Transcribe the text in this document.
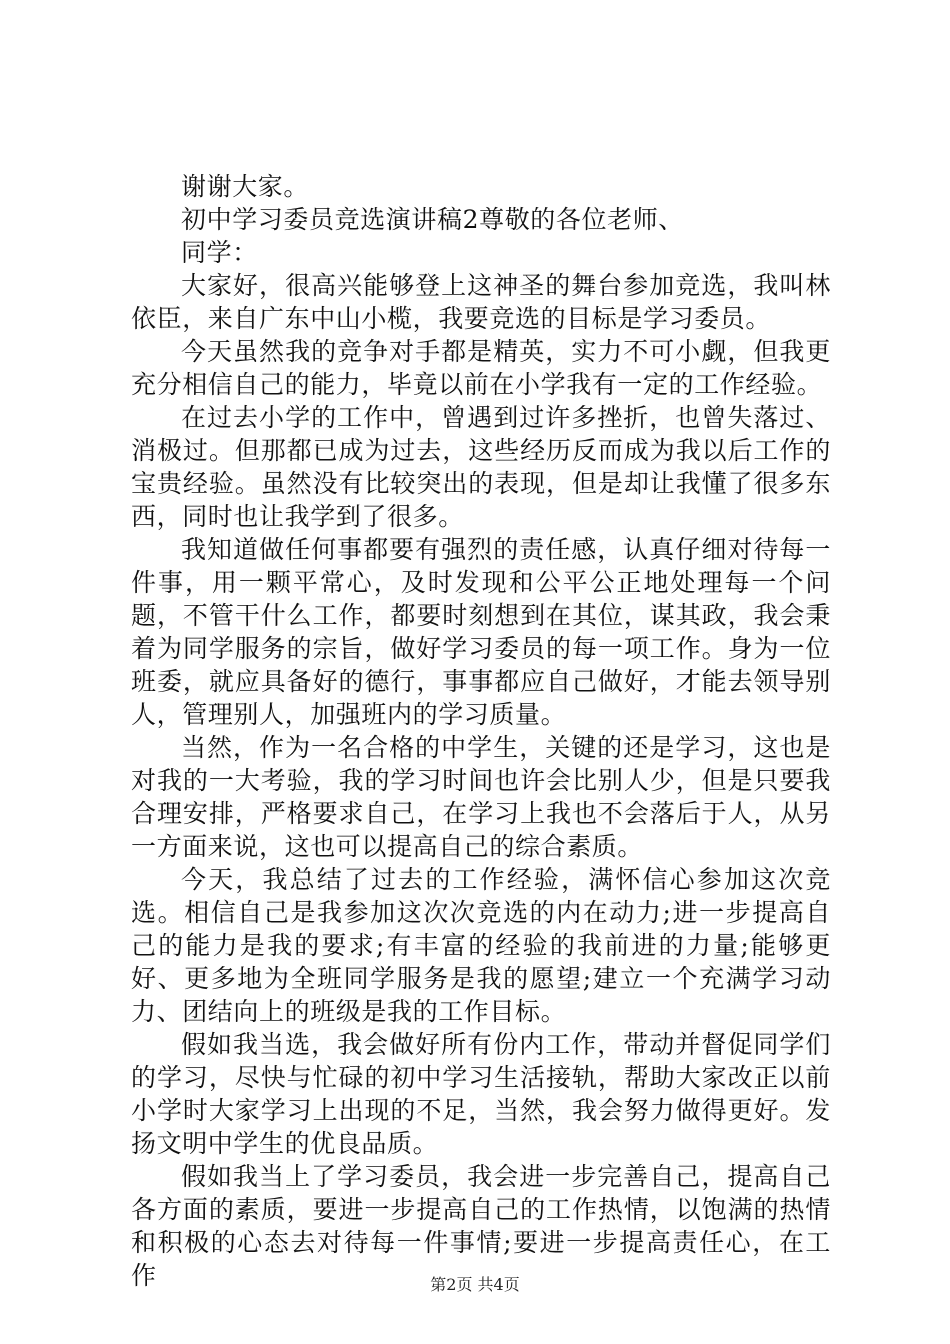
谢谢大家。

初中学习委员竞选演讲稿2尊敬的各位老师、

同学：

大家好，很高兴能够登上这神圣的舞台参加竞选，我叫林依臣，来自广东中山小榄，我要竞选的目标是学习委员。

今天虽然我的竞争对手都是精英，实力不可小觑，但我更充分相信自己的能力，毕竟以前在小学我有一定的工作经验。

在过去小学的工作中，曾遇到过许多挫折，也曾失落过、消极过。但那都已成为过去，这些经历反而成为我以后工作的宝贵经验。虽然没有比较突出的表现，但是却让我懂了很多东西，同时也让我学到了很多。

我知道做任何事都要有强烈的责任感，认真仔细对待每一件事，用一颗平常心，及时发现和公平公正地处理每一个问题，不管干什么工作，都要时刻想到在其位，谋其政，我会秉着为同学服务的宗旨，做好学习委员的每一项工作。身为一位班委，就应具备好的德行，事事都应自己做好，才能去领导别人，管理别人，加强班内的学习质量。

当然，作为一名合格的中学生，关键的还是学习，这也是对我的一大考验，我的学习时间也许会比别人少，但是只要我合理安排，严格要求自己，在学习上我也不会落后于人，从另一方面来说，这也可以提高自己的综合素质。

今天，我总结了过去的工作经验，满怀信心参加这次竞选。相信自己是我参加这次次竞选的内在动力;进一步提高自己的能力是我的要求;有丰富的经验的我前进的力量;能够更好、更多地为全班同学服务是我的愿望;建立一个充满学习动力、团结向上的班级是我的工作目标。

假如我当选，我会做好所有份内工作，带动并督促同学们的学习，尽快与忙碌的初中学习生活接轨，帮助大家改正以前小学时大家学习上出现的不足，当然，我会努力做得更好。发扬文明中学生的优良品质。

假如我当上了学习委员，我会进一步完善自己，提高自己各方面的素质，要进一步提高自己的工作热情，以饱满的热情和积极的心态去对待每一件事情;要进一步提高责任心，在工作	第2页 共4页
